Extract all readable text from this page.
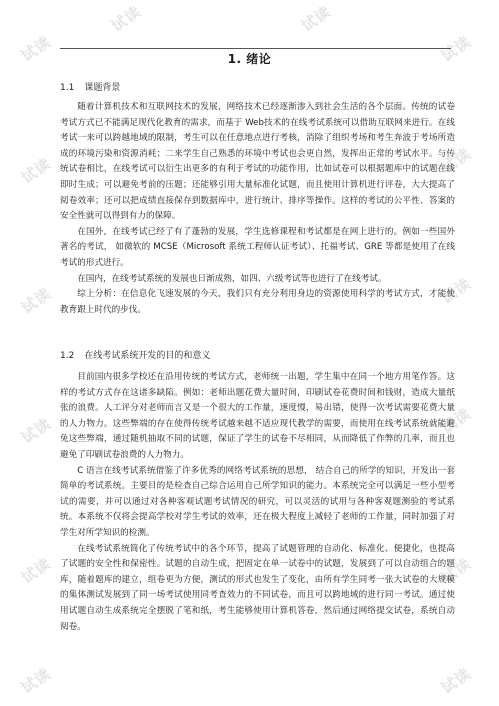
试读
试读	试读
试读
试读	试读
试读	试读
试读	试读
试读	试读
试读	试读
1. 绪论
1.1 课题背景

随着计算机技术和互联网技术的发展，网络技术已经逐渐渗入到社会生活的各个层面。传统的试卷考试方式已不能满足现代化教育的需求，而基于 Web技术的在线考试系统可以借助互联网来进行。在线考试一来可以跨越地域的限制，考生可以在任意地点进行考核，消除了组织考场和考生奔波于考场所造成的环境污染和资源消耗；二来学生自己熟悉的环境中考试也会更自然，发挥出正常的考试水平。与传统试卷相比，在线考试可以衍生出更多的有利于考试的功能作用，比如试卷可以根据题库中的试题在线即时生成；可以避免考前的压题；还能够引用大量标准化试题，而且使用计算机进行评卷，大大提高了阅卷效率；还可以把成绩直接保存到数据库中，进行统计、排序等操作。这样的考试的公平性、答案的安全性就可以得到有力的保障。

在国外，在线考试已经了有了蓬勃的发展，学生选修课程和考试都是在网上进行的。例如一些国外著名的考试， 如微软的 MCSE（Microsoft 系统工程师认证考试）、托福考试、GRE 等都是使用了在线考试的形式进行。

在国内，在线考试系统的发展也日渐成熟，如四、六级考试等也进行了在线考试。

综上分析：在信息化飞速发展的今天，我们只有充分利用身边的资源使用科学的考试方式，才能使教育跟上时代的步伐。

1.2 在线考试系统开发的目的和意义

目前国内很多学校还在沿用传统的考试方式，老师统一出题，学生集中在同一个地方用笔作答。这样的考试方式存在这诸多缺陷。例如：老师出题花费大量时间，印刷试卷花费时间和钱财，造成大量纸张的浪费。人工评分对老师而言又是一个很大的工作量，速度慢，易出错，使得一次考试需要花费大量的人力物力。这些弊端的存在使得传统考试越来越不适应现代教学的需要，而使用在线考试系统就能避免这些弊端，通过随机抽取不同的试题，保证了学生的试卷不尽相同，从而降低了作弊的几率，而且也避免了印刷试卷浪费的人力物力。

C 语言在线考试系统借鉴了许多优秀的网络考试系统的思想， 结合自己的所学的知识，开发出一套简单的考试系统。主要目的是检查自己综合运用自己所学知识的能力。本系统完全可以满足一些小型考试的需要，并可以通过对各种客观试题考试情况的研究，可以灵活的试用与各种客观题测验的考试系统。本系统不仅将会提高学校对学生考试的效率，还在极大程度上减轻了老师的工作量，同时加强了对学生对所学知识的检测。

在线考试系统简化了传统考试中的各个环节，提高了试题管理的自动化、标准化、便捷化，也提高了试题的安全性和保密性。试题的自动生成，把固定在单一试卷中的试题，发展到了可以自动组合的题库，随着题库的建立，组卷更为方便，测试的形式也发生了变化，由所有学生同考一张大试卷的大规模的集体测试发展到了同一场考试使用同考查效力的不同试卷，而且可以跨地域的进行同一考试。通过使用试题自动生成系统完全摆脱了笔和纸，考生能够使用计算机答卷，然后通过网络提交试卷，系统自动阅卷。
